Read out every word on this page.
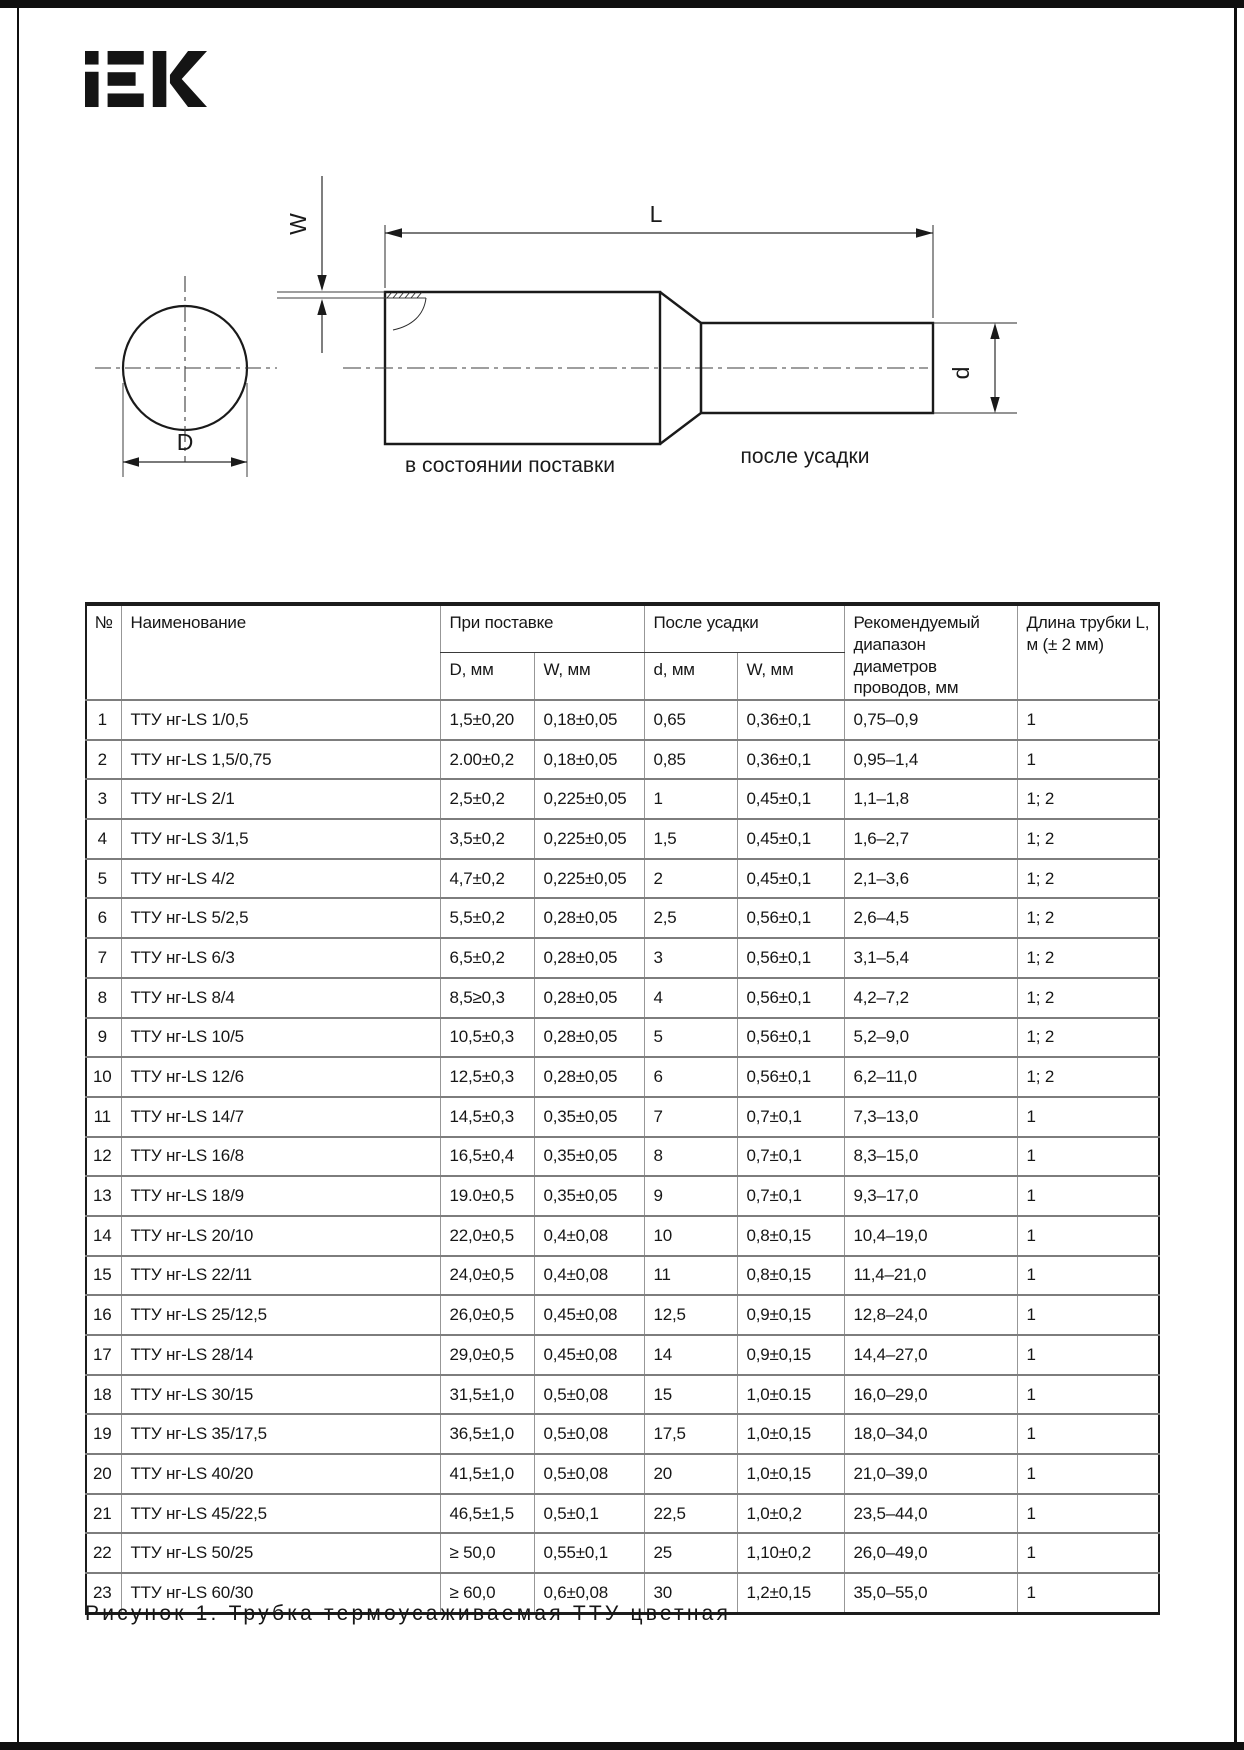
D
L
W
d
в состоянии поставки	после усадки
№	Наименование	При поставке		После усадки		Рекомендуемый диапазон диаметров проводов, мм	Длина трубки L, м (± 2 мм)
		D, мм	W, мм	d, мм	W, мм		
1	ТТУ нг-LS 1/0,5	1,5±0,20	0,18±0,05	0,65	0,36±0,1	0,75–0,9	1
2	ТТУ нг-LS 1,5/0,75	2.00±0,2	0,18±0,05	0,85	0,36±0,1	0,95–1,4	1
3	ТТУ нг-LS 2/1	2,5±0,2	0,225±0,05	1	0,45±0,1	1,1–1,8	1; 2
4	ТТУ нг-LS 3/1,5	3,5±0,2	0,225±0,05	1,5	0,45±0,1	1,6–2,7	1; 2
5	ТТУ нг-LS 4/2	4,7±0,2	0,225±0,05	2	0,45±0,1	2,1–3,6	1; 2
6	ТТУ нг-LS 5/2,5	5,5±0,2	0,28±0,05	2,5	0,56±0,1	2,6–4,5	1; 2
7	ТТУ нг-LS 6/3	6,5±0,2	0,28±0,05	3	0,56±0,1	3,1–5,4	1; 2
8	ТТУ нг-LS 8/4	8,5≥0,3	0,28±0,05	4	0,56±0,1	4,2–7,2	1; 2
9	ТТУ нг-LS 10/5	10,5±0,3	0,28±0,05	5	0,56±0,1	5,2–9,0	1; 2
10	ТТУ нг-LS 12/6	12,5±0,3	0,28±0,05	6	0,56±0,1	6,2–11,0	1; 2
11	ТТУ нг-LS 14/7	14,5±0,3	0,35±0,05	7	0,7±0,1	7,3–13,0	1
12	ТТУ нг-LS 16/8	16,5±0,4	0,35±0,05	8	0,7±0,1	8,3–15,0	1
13	ТТУ нг-LS 18/9	19.0±0,5	0,35±0,05	9	0,7±0,1	9,3–17,0	1
14	ТТУ нг-LS 20/10	22,0±0,5	0,4±0,08	10	0,8±0,15	10,4–19,0	1
15	ТТУ нг-LS 22/11	24,0±0,5	0,4±0,08	11	0,8±0,15	11,4–21,0	1
16	ТТУ нг-LS 25/12,5	26,0±0,5	0,45±0,08	12,5	0,9±0,15	12,8–24,0	1
17	ТТУ нг-LS 28/14	29,0±0,5	0,45±0,08	14	0,9±0,15	14,4–27,0	1
18	ТТУ нг-LS 30/15	31,5±1,0	0,5±0,08	15	1,0±0.15	16,0–29,0	1
19	ТТУ нг-LS 35/17,5	36,5±1,0	0,5±0,08	17,5	1,0±0,15	18,0–34,0	1
20	ТТУ нг-LS 40/20	41,5±1,0	0,5±0,08	20	1,0±0,15	21,0–39,0	1
21	ТТУ нг-LS 45/22,5	46,5±1,5	0,5±0,1	22,5	1,0±0,2	23,5–44,0	1
22	ТТУ нг-LS 50/25	≥ 50,0	0,55±0,1	25	1,10±0,2	26,0–49,0	1
23	ТТУ нг-LS 60/30	≥ 60,0	0,6±0,08	30	1,2±0,15	35,0–55,0	1
Рисунок 1. Трубка термоусаживаемая ТТУ цветная
